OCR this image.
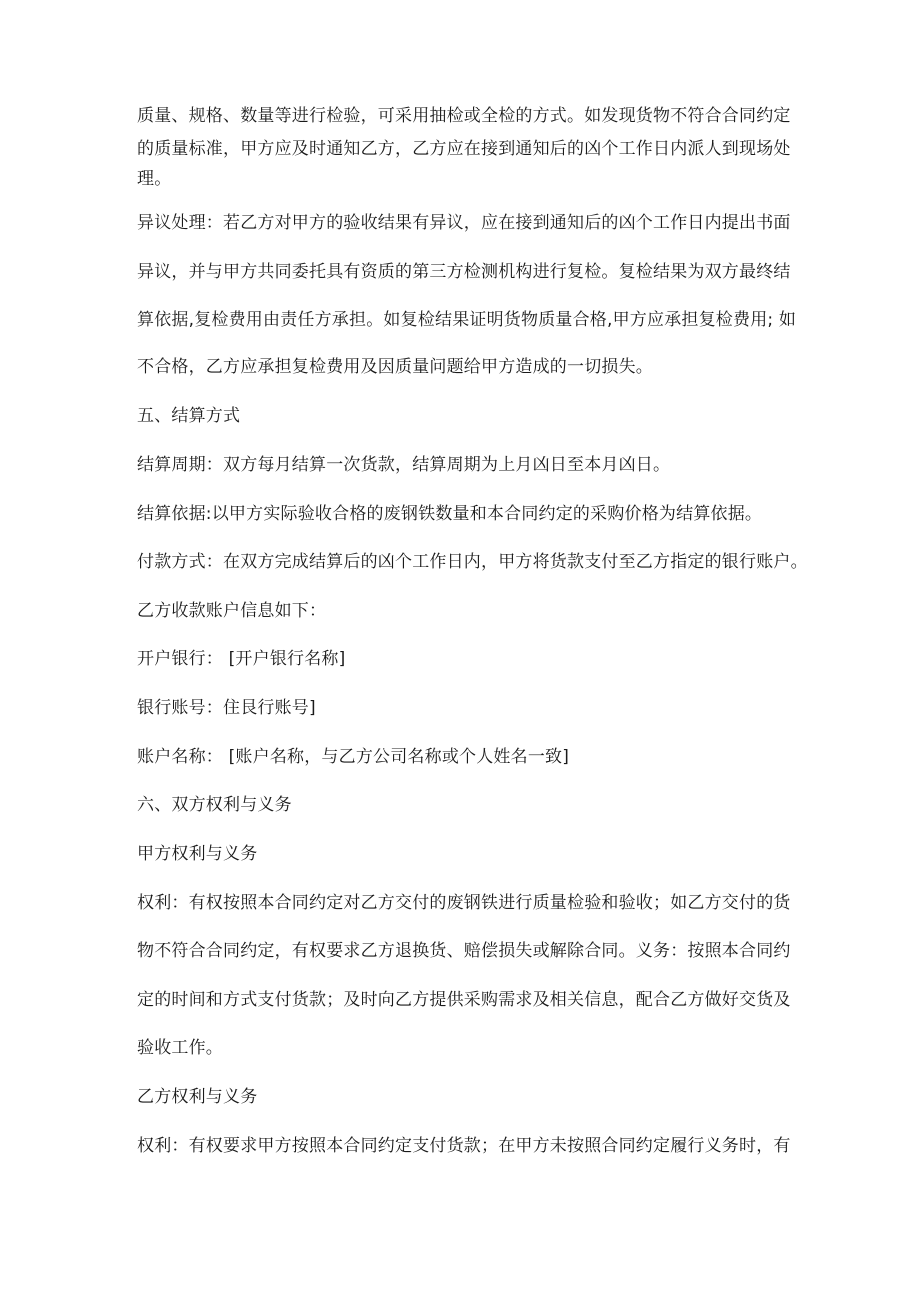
质量、规格、数量等进行检验，可采用抽检或全检的方式。如发现货物不符合合同约定
的质量标准，甲方应及时通知乙方，乙方应在接到通知后的凶个工作日内派人到现场处
理。
异议处理：若乙方对甲方的验收结果有异议，应在接到通知后的凶个工作日内提出书面
异议，并与甲方共同委托具有资质的第三方检测机构进行复检。复检结果为双方最终结
算依据,复检费用由责任方承担。如复检结果证明货物质量合格,甲方应承担复检费用; 如
不合格，乙方应承担复检费用及因质量问题给甲方造成的一切损失。
五、结算方式
结算周期：双方每月结算一次货款，结算周期为上月凶日至本月凶日。
结算依据:以甲方实际验收合格的废钢铁数量和本合同约定的采购价格为结算依据。
付款方式：在双方完成结算后的凶个工作日内，甲方将货款支付至乙方指定的银行账户。
乙方收款账户信息如下：
开户银行： [开户银行名称]
银行账号：住艮行账号]
账户名称： [账户名称，与乙方公司名称或个人姓名一致]
六、双方权利与义务
甲方权利与义务
权利：有权按照本合同约定对乙方交付的废钢铁进行质量检验和验收；如乙方交付的货
物不符合合同约定，有权要求乙方退换货、赔偿损失或解除合同。义务：按照本合同约
定的时间和方式支付货款；及时向乙方提供采购需求及相关信息，配合乙方做好交货及
验收工作。
乙方权利与义务
权利：有权要求甲方按照本合同约定支付货款；在甲方未按照合同约定履行义务时，有
